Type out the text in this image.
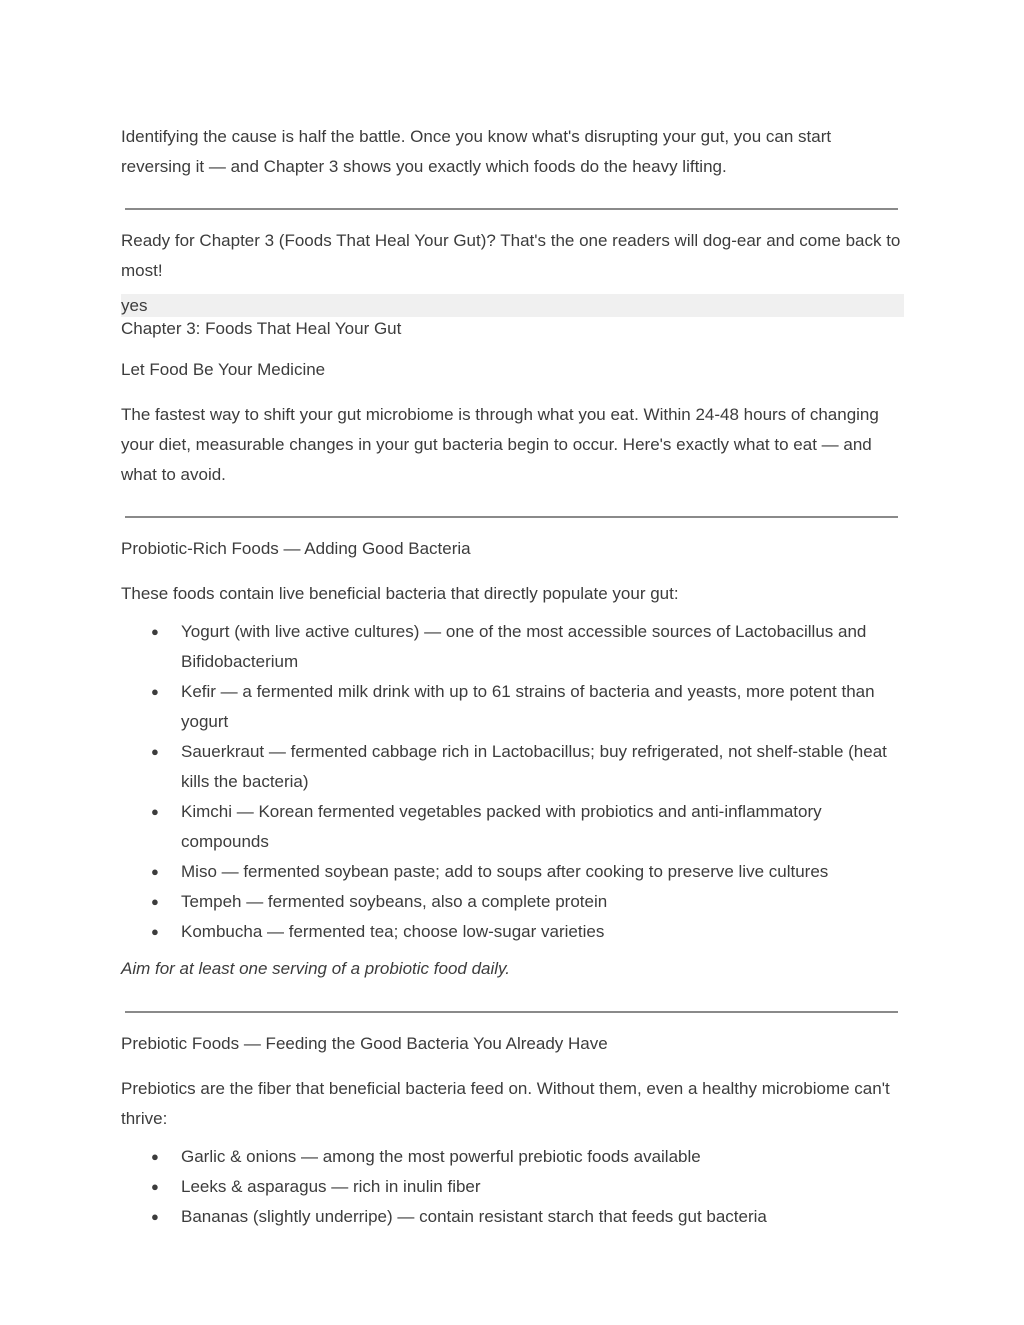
Identifying the cause is half the battle. Once you know what's disrupting your gut, you can start reversing it — and Chapter 3 shows you exactly which foods do the heavy lifting.

Ready for Chapter 3 (Foods That Heal Your Gut)? That's the one readers will dog-ear and come back to most!

yes

Chapter 3: Foods That Heal Your Gut

Let Food Be Your Medicine

The fastest way to shift your gut microbiome is through what you eat. Within 24-48 hours of changing your diet, measurable changes in your gut bacteria begin to occur. Here's exactly what to eat — and what to avoid.

Probiotic-Rich Foods — Adding Good Bacteria

These foods contain live beneficial bacteria that directly populate your gut:

● Yogurt (with live active cultures) — one of the most accessible sources of Lactobacillus and Bifidobacterium
● Kefir — a fermented milk drink with up to 61 strains of bacteria and yeasts, more potent than yogurt
● Sauerkraut — fermented cabbage rich in Lactobacillus; buy refrigerated, not shelf-stable (heat kills the bacteria)
● Kimchi — Korean fermented vegetables packed with probiotics and anti-inflammatory compounds
● Miso — fermented soybean paste; add to soups after cooking to preserve live cultures
● Tempeh — fermented soybeans, also a complete protein
● Kombucha — fermented tea; choose low-sugar varieties

Aim for at least one serving of a probiotic food daily.

Prebiotic Foods — Feeding the Good Bacteria You Already Have

Prebiotics are the fiber that beneficial bacteria feed on. Without them, even a healthy microbiome can't thrive:

● Garlic & onions — among the most powerful prebiotic foods available
● Leeks & asparagus — rich in inulin fiber
● Bananas (slightly underripe) — contain resistant starch that feeds gut bacteria
